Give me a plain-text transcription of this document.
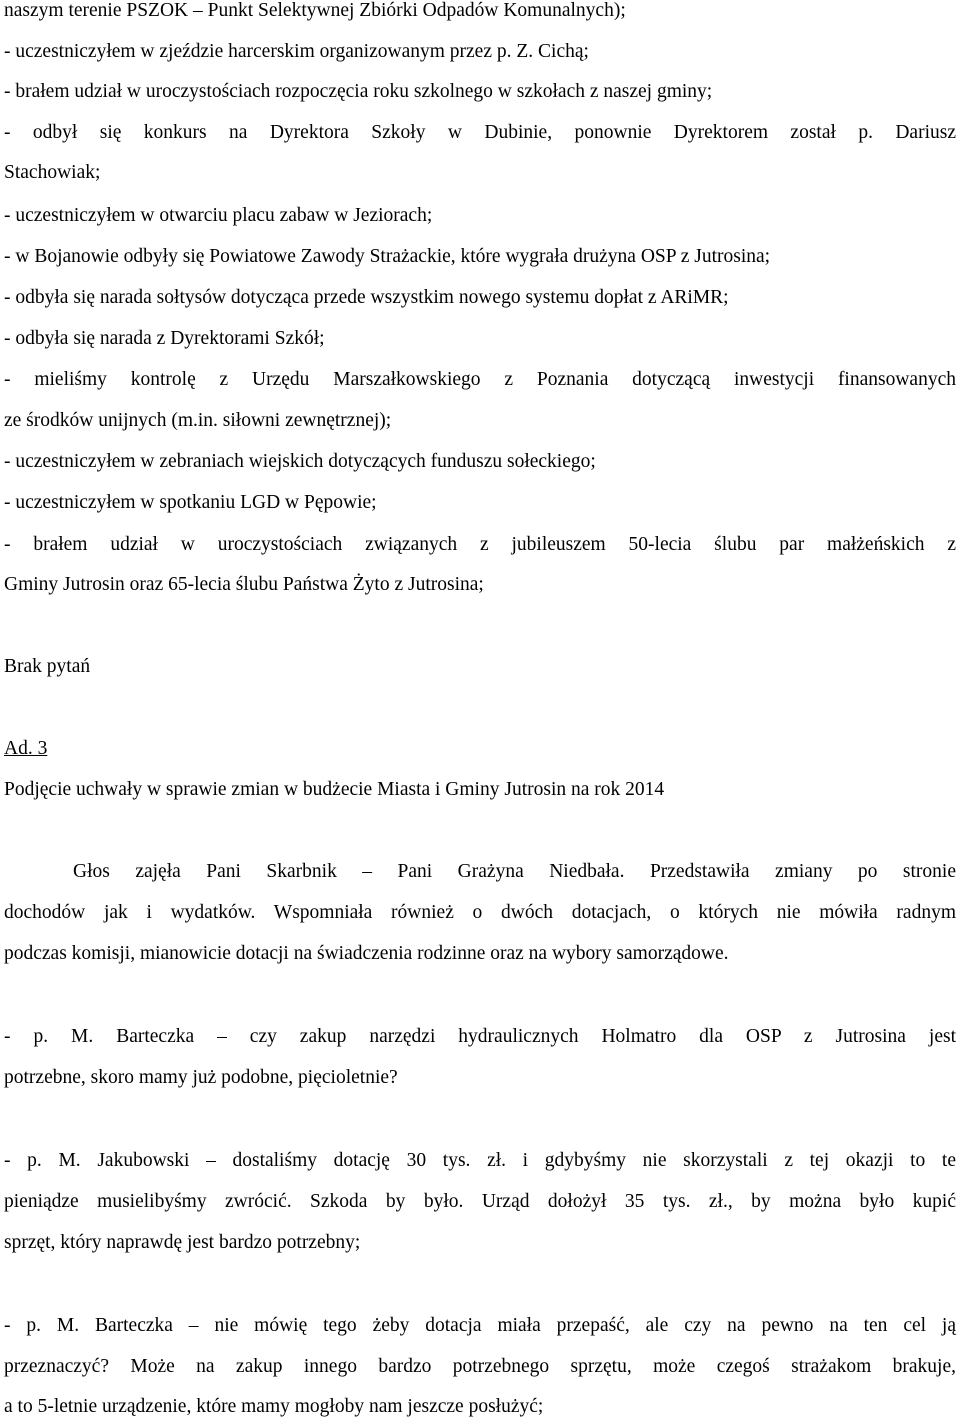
naszym terenie PSZOK – Punkt Selektywnej Zbiórki Odpadów Komunalnych);
- uczestniczyłem w zjeździe harcerskim organizowanym przez p. Z. Cichą;
- brałem udział w uroczystościach rozpoczęcia roku szkolnego w szkołach z naszej gminy;
- odbył się konkurs na Dyrektora Szkoły w Dubinie, ponownie Dyrektorem został p. Dariusz
Stachowiak;
- uczestniczyłem w otwarciu placu zabaw w Jeziorach;
- w Bojanowie odbyły się Powiatowe Zawody Strażackie, które wygrała drużyna OSP z Jutrosina;
- odbyła się narada sołtysów dotycząca przede wszystkim nowego systemu dopłat z ARiMR;
- odbyła się narada z Dyrektorami Szkół;
- mieliśmy kontrolę z Urzędu Marszałkowskiego z Poznania dotyczącą inwestycji finansowanych
ze środków unijnych (m.in. siłowni zewnętrznej);
- uczestniczyłem w zebraniach wiejskich dotyczących funduszu sołeckiego;
- uczestniczyłem w spotkaniu LGD w Pępowie;
- brałem udział w uroczystościach związanych z jubileuszem 50-lecia ślubu par małżeńskich z
Gminy Jutrosin oraz 65-lecia ślubu Państwa Żyto z Jutrosina;
Brak pytań
Ad. 3
Podjęcie uchwały w sprawie zmian w budżecie Miasta i Gminy Jutrosin na rok 2014
Głos zajęła Pani Skarbnik – Pani Grażyna Niedbała. Przedstawiła zmiany po stronie
dochodów jak i wydatków. Wspomniała również o dwóch dotacjach, o których nie mówiła radnym
podczas komisji, mianowicie dotacji na świadczenia rodzinne oraz na wybory samorządowe.
- p. M. Barteczka – czy zakup narzędzi hydraulicznych Holmatro dla OSP z Jutrosina jest
potrzebne, skoro mamy już podobne, pięcioletnie?
- p. M. Jakubowski – dostaliśmy dotację 30 tys. zł. i gdybyśmy nie skorzystali z tej okazji to te
pieniądze musielibyśmy zwrócić. Szkoda by było. Urząd dołożył 35 tys. zł., by można było kupić
sprzęt, który naprawdę jest bardzo potrzebny;
- p. M. Barteczka – nie mówię tego żeby dotacja miała przepaść, ale czy na pewno na ten cel ją
przeznaczyć? Może na zakup innego bardzo potrzebnego sprzętu, może czegoś strażakom brakuje,
a to 5-letnie urządzenie, które mamy mogłoby nam jeszcze posłużyć;
